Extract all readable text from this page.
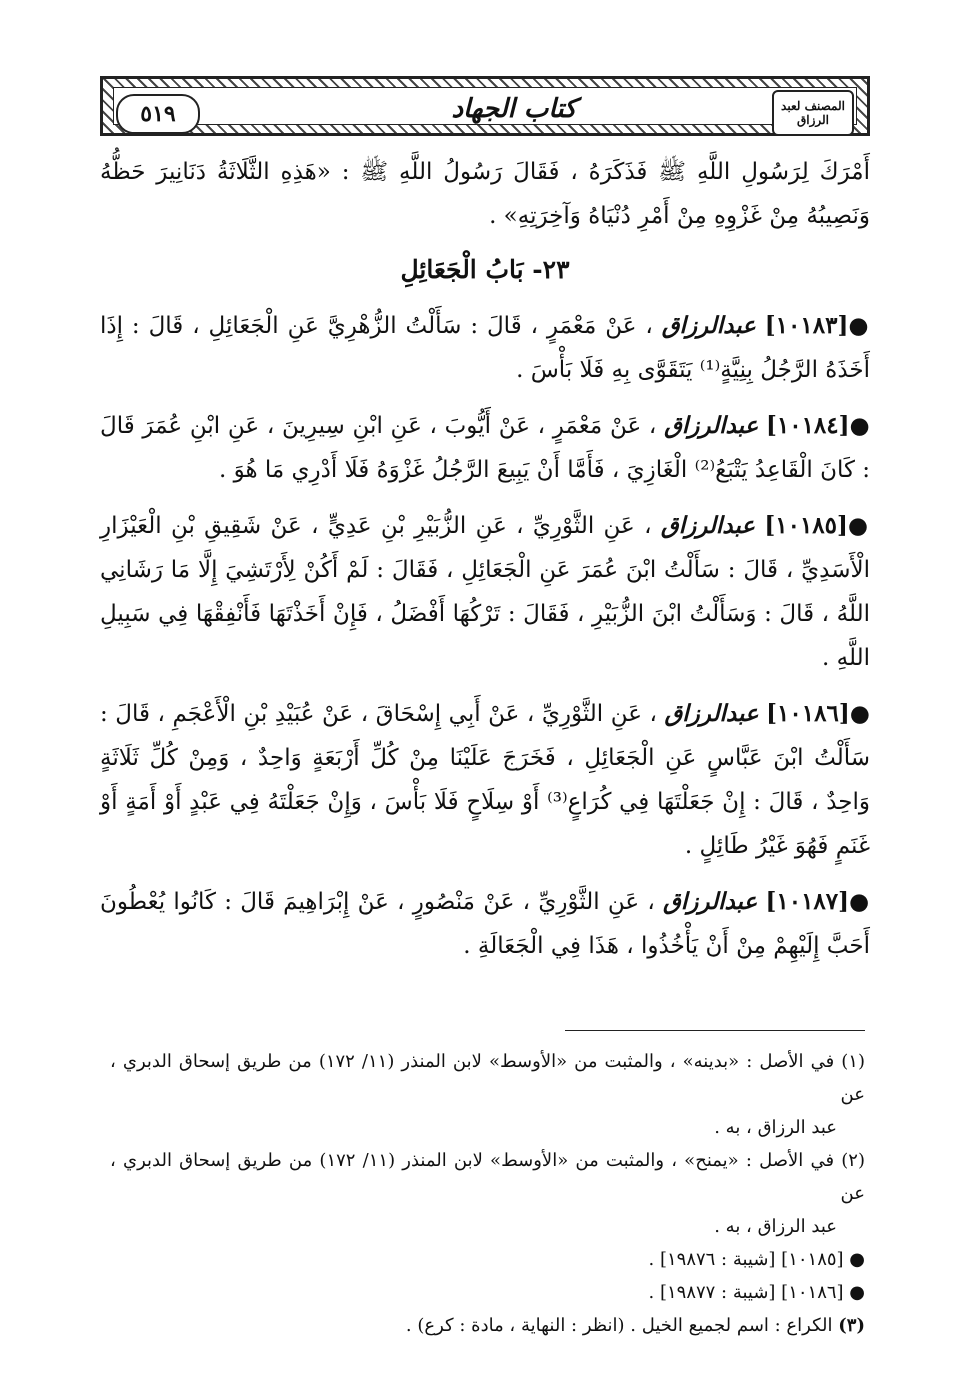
٥١٩	كتاب الجهاد	المصنف لعبد الرزاق

أَمْرَكَ لِرَسُولِ اللَّهِ ﷺ فَذَكَرَهُ ، فَقَالَ رَسُولُ اللَّهِ ﷺ : «هَذِهِ الثَّلَاثَةُ دَنَانِيرَ حَظُّهُ وَنَصِيبُهُ مِنْ غَزْوِهِ مِنْ أَمْرِ دُنْيَاهُ وَآخِرَتِهِ» .

٢٣- بَابُ الْجَعَائِلِ

●[١٠١٨٣] عبدالرزاق ، عَنْ مَعْمَرٍ ، قَالَ : سَأَلْتُ الزُّهْرِيَّ عَنِ الْجَعَائِلِ ، قَالَ : إِذَا أَخَذَهُ الرَّجُلُ بِنِيَّةٍ⁽¹⁾ يَتَقَوَّى بِهِ فَلَا بَأْسَ .

●[١٠١٨٤] عبدالرزاق ، عَنْ مَعْمَرٍ ، عَنْ أَيُّوبَ ، عَنِ ابْنِ سِيرِينَ ، عَنِ ابْنِ عُمَرَ قَالَ : كَانَ الْقَاعِدُ يَتْبَعُ⁽²⁾ الْغَازِيَ ، فَأَمَّا أَنْ يَبِيعَ الرَّجُلُ غَزْوَهُ فَلَا أَدْرِي مَا هُوَ .

●[١٠١٨٥] عبدالرزاق ، عَنِ الثَّوْرِيِّ ، عَنِ الزُّبَيْرِ بْنِ عَدِيٍّ ، عَنْ شَقِيقِ بْنِ الْعَيْزَارِ الْأَسَدِيِّ ، قَالَ : سَأَلْتُ ابْنَ عُمَرَ عَنِ الْجَعَائِلِ ، فَقَالَ : لَمْ أَكُنْ لِأَرْتَشِيَ إِلَّا مَا رَشَانِي اللَّهُ ، قَالَ : وَسَأَلْتُ ابْنَ الزُّبَيْرِ ، فَقَالَ : تَرْكُهَا أَفْضَلُ ، فَإِنْ أَخَذْتَهَا فَأَنْفِقْهَا فِي سَبِيلِ اللَّهِ .

●[١٠١٨٦] عبدالرزاق ، عَنِ الثَّوْرِيِّ ، عَنْ أَبِي إِسْحَاقَ ، عَنْ عُبَيْدِ بْنِ الْأَعْجَمِ ، قَالَ : سَأَلْتُ ابْنَ عَبَّاسٍ عَنِ الْجَعَائِلِ ، فَخَرَجَ عَلَيْنَا مِنْ كُلِّ أَرْبَعَةٍ وَاحِدٌ ، وَمِنْ كُلِّ ثَلَاثَةٍ وَاحِدٌ ، قَالَ : إِنْ جَعَلْتَهَا فِي كُرَاعٍ⁽³⁾ أَوْ سِلَاحٍ فَلَا بَأْسَ ، وَإِنْ جَعَلْتَهُ فِي عَبْدٍ أَوْ أَمَةٍ أَوْ غَنَمٍ فَهُوَ غَيْرُ طَائِلٍ .

●[١٠١٨٧] عبدالرزاق ، عَنِ الثَّوْرِيِّ ، عَنْ مَنْصُورٍ ، عَنْ إِبْرَاهِيمَ قَالَ : كَانُوا يُعْطُونَ أَحَبَّ إِلَيْهِمْ مِنْ أَنْ يَأْخُذُوا ، هَذَا فِي الْجَعَالَةِ .

(١) في الأصل : «بدينه» ، والمثبت من «الأوسط» لابن المنذر (١١/ ١٧٢) من طريق إسحاق الدبري ، عن

عبد الرزاق ، به .

(٢) في الأصل : «يمنح» ، والمثبت من «الأوسط» لابن المنذر (١١/ ١٧٢) من طريق إسحاق الدبري ، عن

عبد الرزاق ، به .

● [١٠١٨٥] [شيبة : ١٩٨٧٦] .

● [١٠١٨٦] [شيبة : ١٩٨٧٧] .

(٣) الكراع : اسم لجميع الخيل . (انظر : النهاية ، مادة : كرع) .
